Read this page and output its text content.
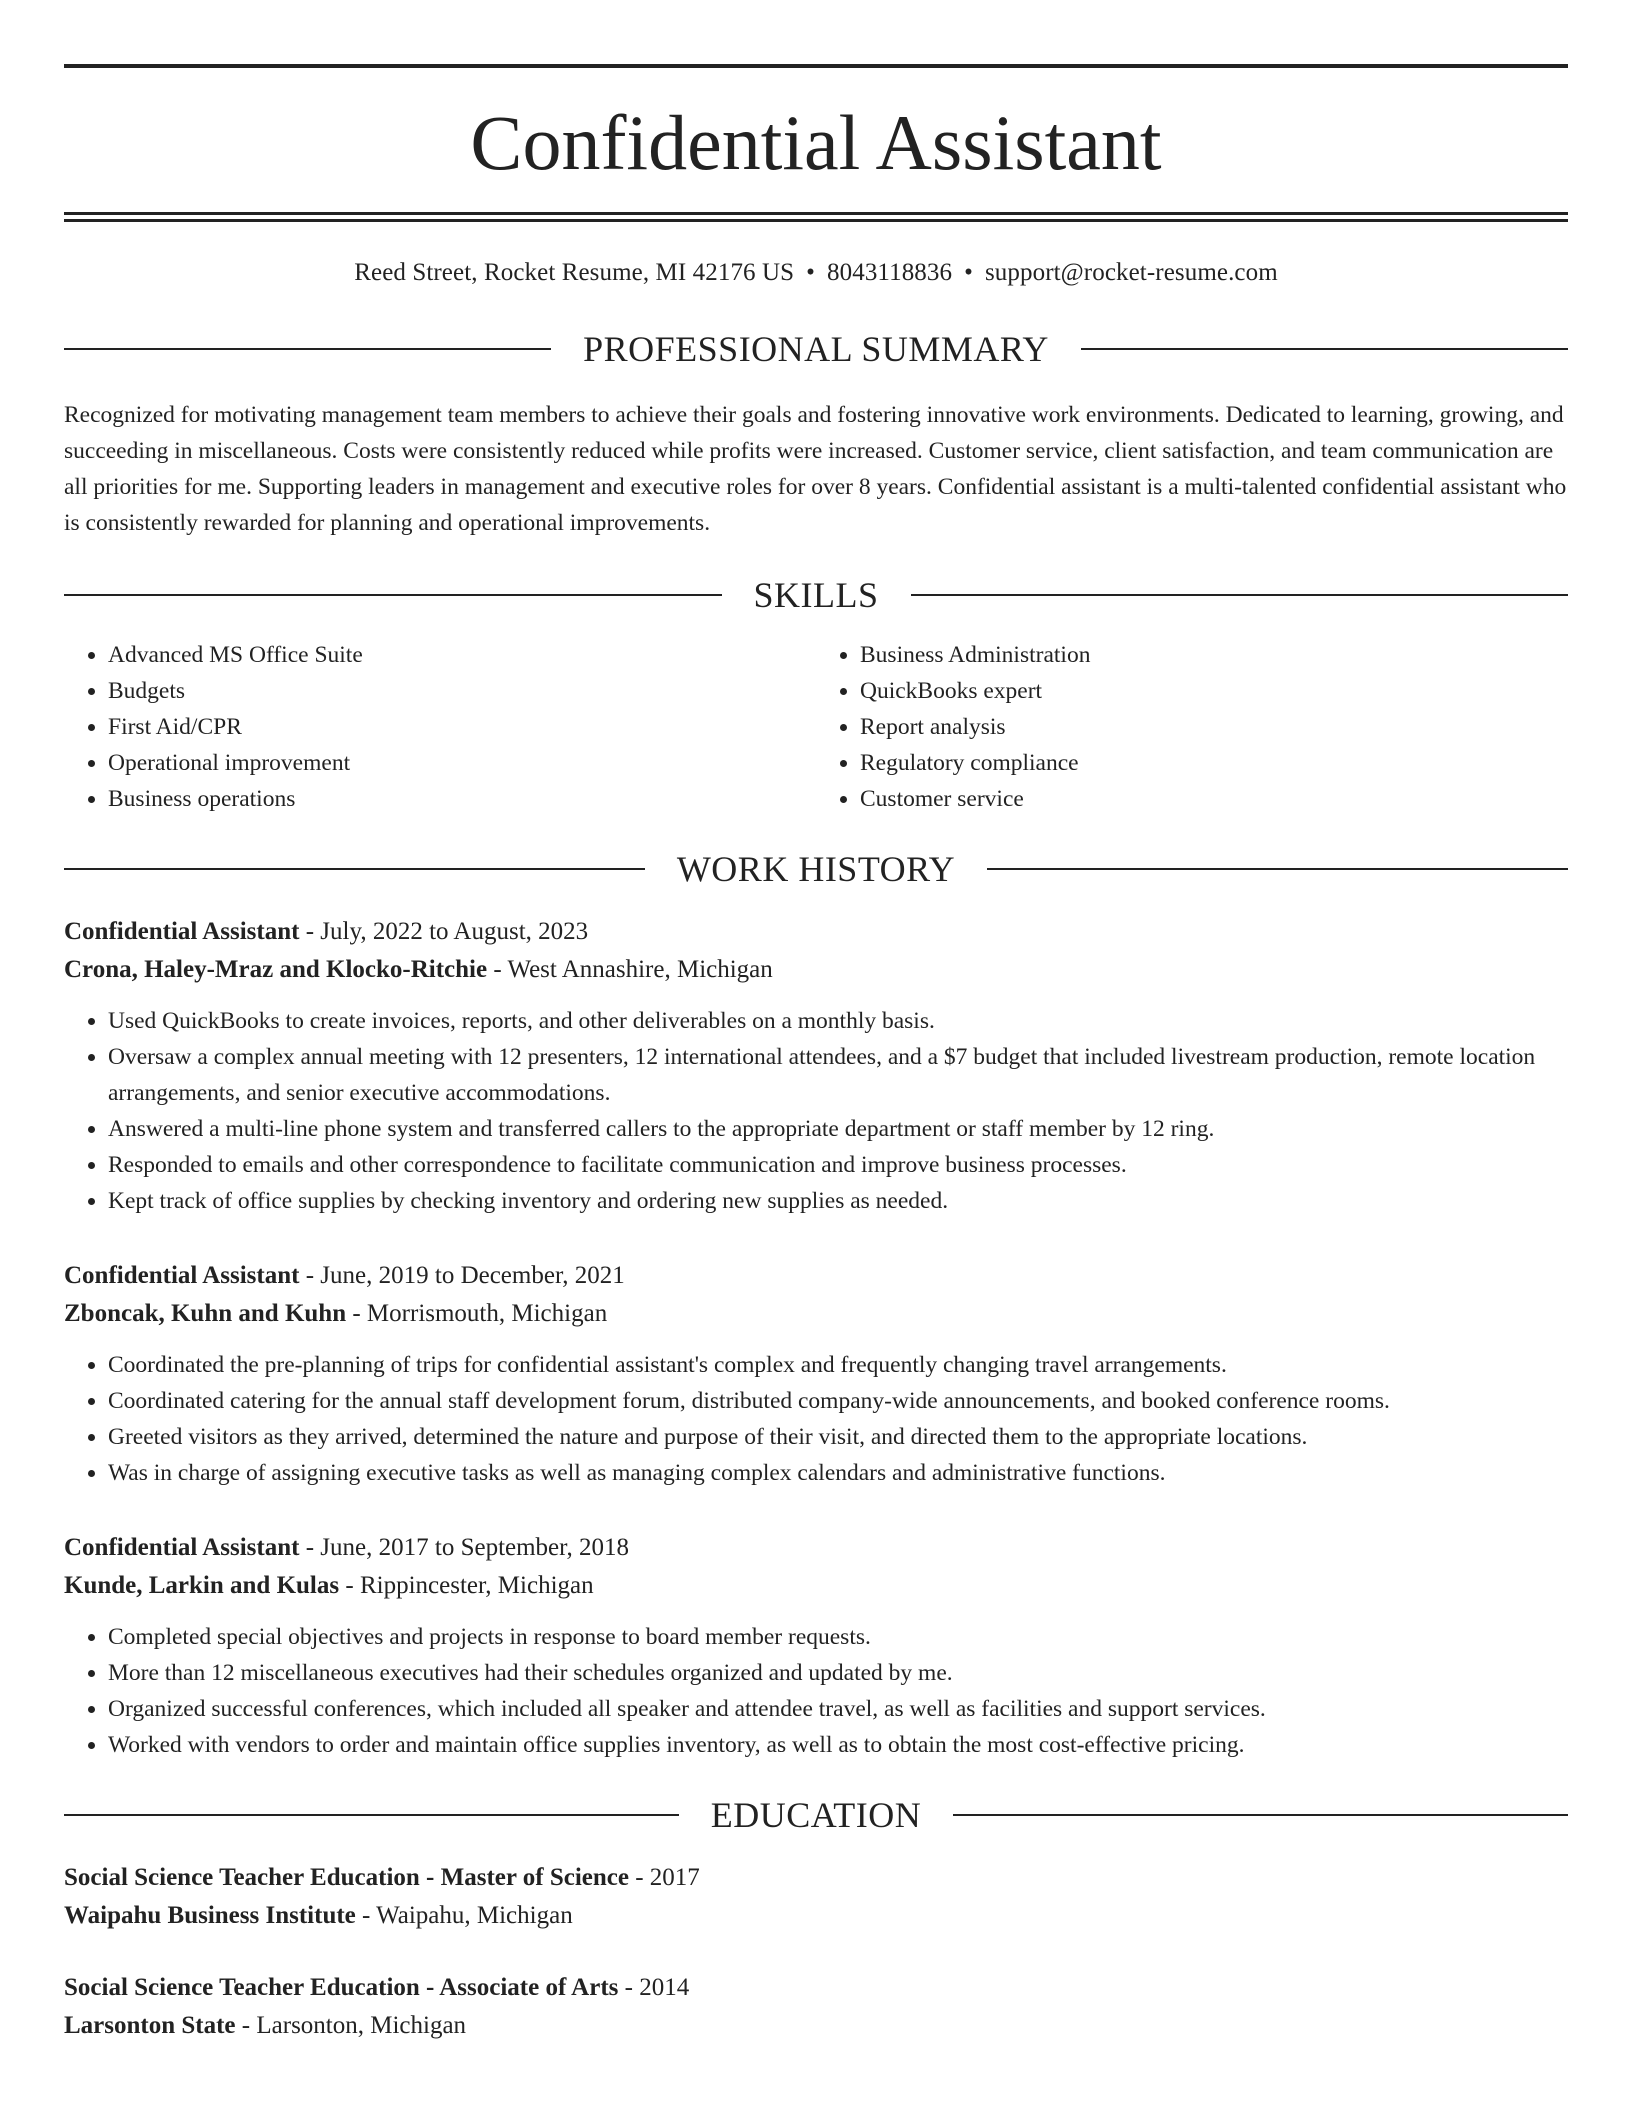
Confidential Assistant
Reed Street, Rocket Resume, MI 42176 US • 8043118836 • support@rocket-resume.com
PROFESSIONAL SUMMARY

Recognized for motivating management team members to achieve their goals and fostering innovative work environments. Dedicated to learning, growing, and succeeding in miscellaneous. Costs were consistently reduced while profits were increased. Customer service, client satisfaction, and team communication are all priorities for me. Supporting leaders in management and executive roles for over 8 years. Confidential assistant is a multi-talented confidential assistant who is consistently rewarded for planning and operational improvements.

SKILLS
• Advanced MS Office Suite
• Budgets
• First Aid/CPR
• Operational improvement
• Business operations
• Business Administration
• QuickBooks expert
• Report analysis
• Regulatory compliance
• Customer service
WORK HISTORY
Confidential Assistant - July, 2022 to August, 2023
Crona, Haley-Mraz and Klocko-Ritchie - West Annashire, Michigan
• Used QuickBooks to create invoices, reports, and other deliverables on a monthly basis.
• Oversaw a complex annual meeting with 12 presenters, 12 international attendees, and a $7 budget that included livestream production, remote location arrangements, and senior executive accommodations.
• Answered a multi-line phone system and transferred callers to the appropriate department or staff member by 12 ring.
• Responded to emails and other correspondence to facilitate communication and improve business processes.
• Kept track of office supplies by checking inventory and ordering new supplies as needed.
Confidential Assistant - June, 2019 to December, 2021
Zboncak, Kuhn and Kuhn - Morrismouth, Michigan
• Coordinated the pre-planning of trips for confidential assistant's complex and frequently changing travel arrangements.
• Coordinated catering for the annual staff development forum, distributed company-wide announcements, and booked conference rooms.
• Greeted visitors as they arrived, determined the nature and purpose of their visit, and directed them to the appropriate locations.
• Was in charge of assigning executive tasks as well as managing complex calendars and administrative functions.
Confidential Assistant - June, 2017 to September, 2018
Kunde, Larkin and Kulas - Rippincester, Michigan
• Completed special objectives and projects in response to board member requests.
• More than 12 miscellaneous executives had their schedules organized and updated by me.
• Organized successful conferences, which included all speaker and attendee travel, as well as facilities and support services.
• Worked with vendors to order and maintain office supplies inventory, as well as to obtain the most cost-effective pricing.
EDUCATION
Social Science Teacher Education - Master of Science - 2017
Waipahu Business Institute - Waipahu, Michigan
Social Science Teacher Education - Associate of Arts - 2014
Larsonton State - Larsonton, Michigan
